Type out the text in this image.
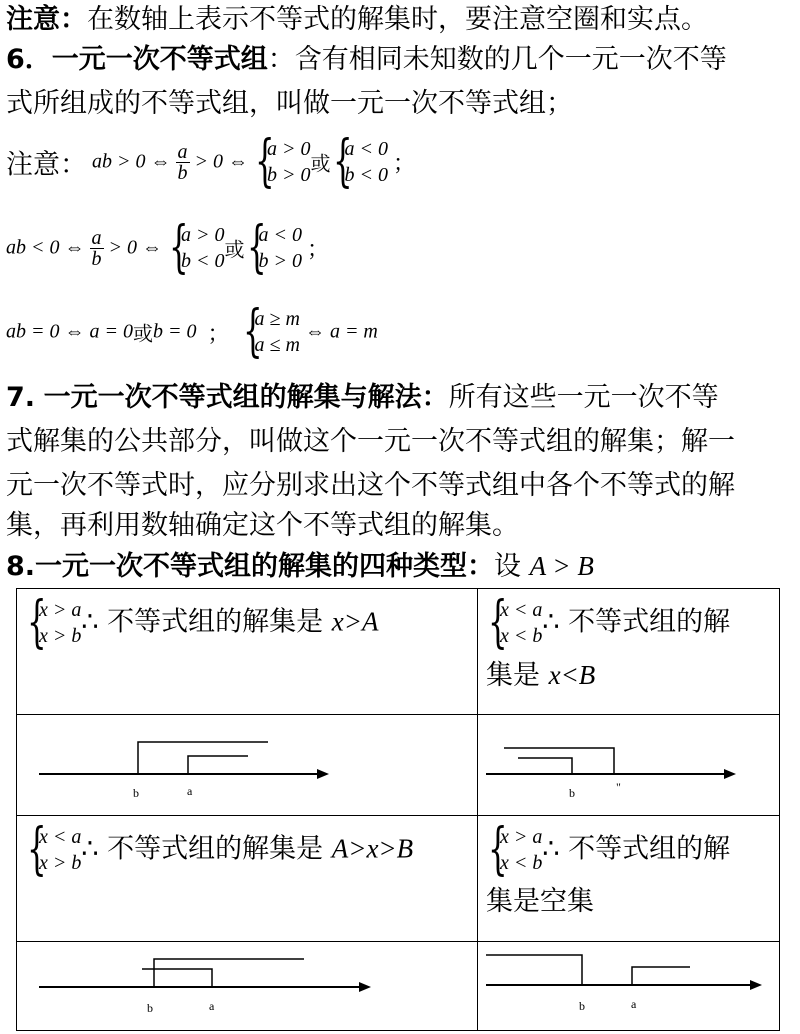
注意：在数轴上表示不等式的解集时，要注意空圈和实点。
6．一元一次不等式组：含有相同未知数的几个一元一次不等
式所组成的不等式组，叫做一元一次不等式组；
注意： ab > 0 ⇔ $\frac{a}{b} > 0$ ⇔ {
a > 0
b > 0 或 {
a < 0
b < 0 ；
ab < 0 ⇔ $\frac{a}{b} > 0$ ⇔ {
a > 0
b < 0 或 {
a < 0
b > 0 ；
ab = 0 ⇔ a = 0或b = 0 ； {
a ≥ m
a ≤ m
⇔ a = m
7. 一元一次不等式组的解集与解法：所有这些一元一次不等
式解集的公共部分，叫做这个一元一次不等式组的解集；解一
元一次不等式时，应分别求出这个不等式组中各个不等式的解
集，再利用数轴确定这个不等式组的解集。
8.一元一次不等式组的解集的四种类型：设 A > B
{
x > a
x > b ∴ 不等式组的解集是 x>A	{
x < a
x < b ∴ 不等式组的解
集是 x<B

b a	b "

{
x < a
x > b ∴ 不等式组的解集是 A>x>B	{
x > a
x < b ∴ 不等式组的解
集是空集

b a	b a
